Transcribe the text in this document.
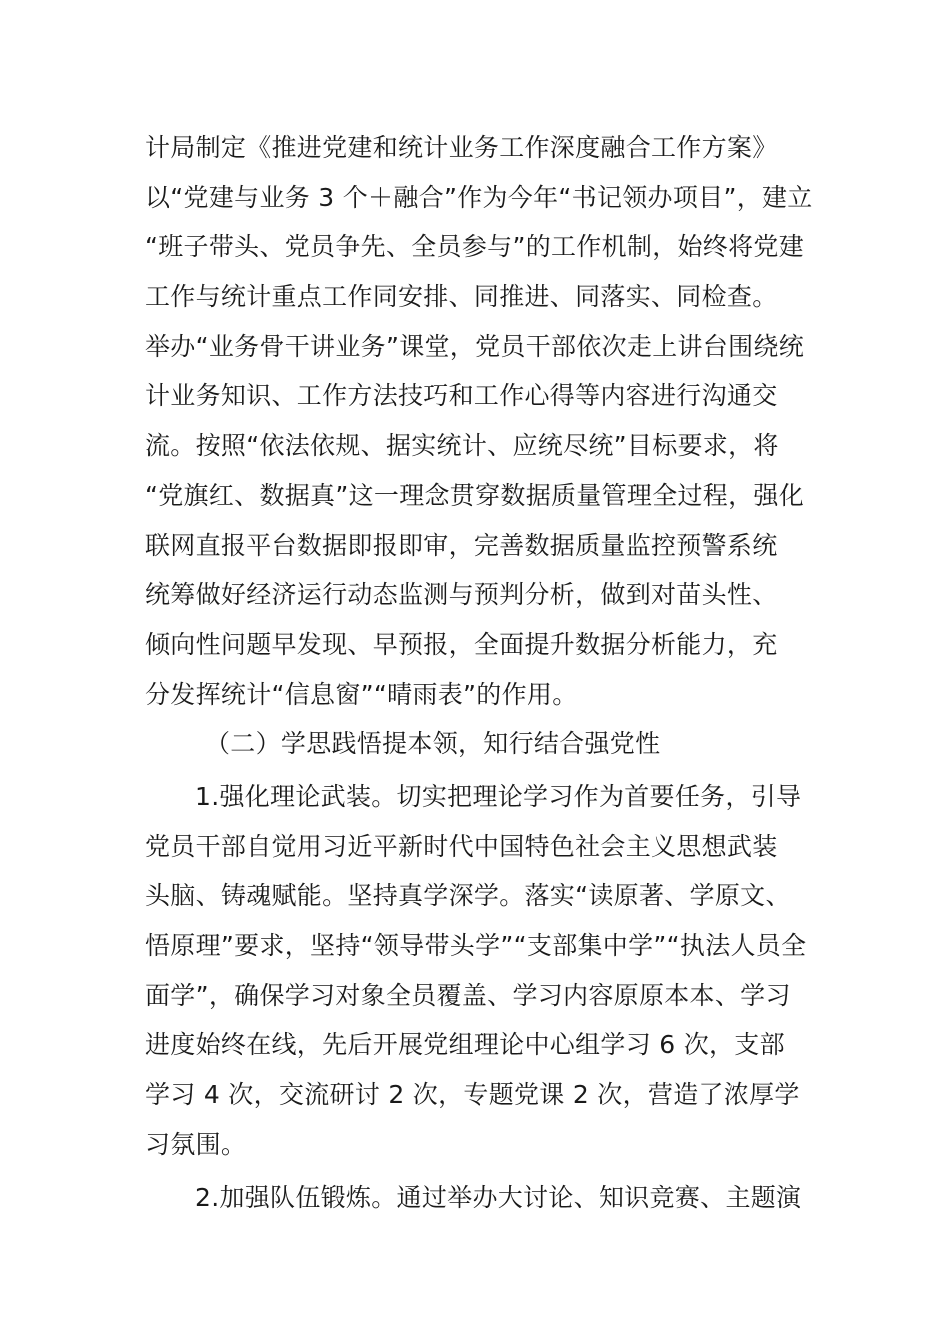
计局制定《推进党建和统计业务工作深度融合工作方案》
以“党建与业务 3 个＋融合”作为今年“书记领办项目”，建立
“班子带头、党员争先、全员参与”的工作机制，始终将党建
工作与统计重点工作同安排、同推进、同落实、同检查。
举办“业务骨干讲业务”课堂，党员干部依次走上讲台围绕统
计业务知识、工作方法技巧和工作心得等内容进行沟通交
流。按照“依法依规、据实统计、应统尽统”目标要求，将
“党旗红、数据真”这一理念贯穿数据质量管理全过程，强化
联网直报平台数据即报即审，完善数据质量监控预警系统
统筹做好经济运行动态监测与预判分析，做到对苗头性、
倾向性问题早发现、早预报，全面提升数据分析能力，充
分发挥统计“信息窗”“晴雨表”的作用。
（二）学思践悟提本领，知行结合强党性
1.强化理论武装。切实把理论学习作为首要任务，引导
党员干部自觉用习近平新时代中国特色社会主义思想武装
头脑、铸魂赋能。坚持真学深学。落实“读原著、学原文、
悟原理”要求，坚持“领导带头学”“支部集中学”“执法人员全
面学”，确保学习对象全员覆盖、学习内容原原本本、学习
进度始终在线，先后开展党组理论中心组学习 6 次，支部
学习 4 次，交流研讨 2 次，专题党课 2 次，营造了浓厚学
习氛围。
2.加强队伍锻炼。通过举办大讨论、知识竞赛、主题演
